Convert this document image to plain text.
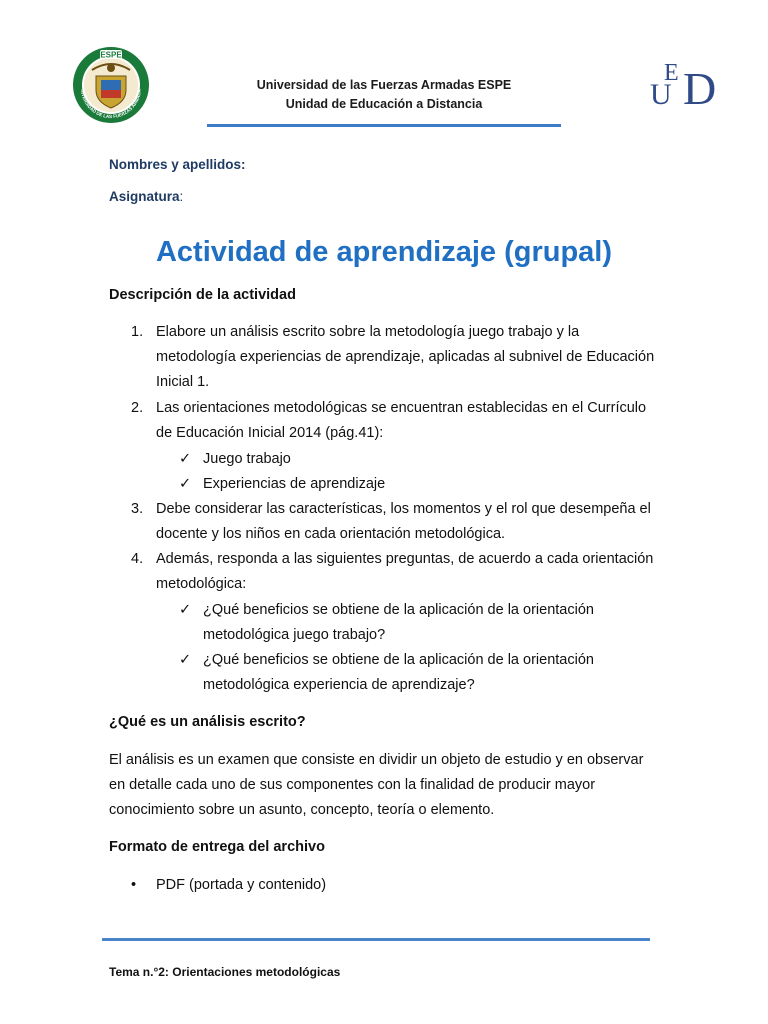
ESPE
NIVERSIDAD DE LAS FUERZAS ARMADA	Universidad de las Fuerzas Armadas ESPE
Unidad de Educación a Distancia
E
U D
Nombres y apellidos:
Asignatura:
Actividad de aprendizaje (grupal)
Descripción de la actividad
1. Elabore un análisis escrito sobre la metodología juego trabajo y la metodología experiencias de aprendizaje, aplicadas al subnivel de Educación Inicial 1.
2. Las orientaciones metodológicas se encuentran establecidas en el Currículo de Educación Inicial 2014 (pág.41):
✓ Juego trabajo
✓ Experiencias de aprendizaje
3. Debe considerar las características, los momentos y el rol que desempeña el docente y los niños en cada orientación metodológica.
4. Además, responda a las siguientes preguntas, de acuerdo a cada orientación metodológica:
✓ ¿Qué beneficios se obtiene de la aplicación de la orientación metodológica juego trabajo?
✓ ¿Qué beneficios se obtiene de la aplicación de la orientación metodológica experiencia de aprendizaje?
¿Qué es un análisis escrito?
El análisis es un examen que consiste en dividir un objeto de estudio y en observar en detalle cada uno de sus componentes con la finalidad de producir mayor conocimiento sobre un asunto, concepto, teoría o elemento.
Formato de entrega del archivo
• PDF (portada y contenido)
Tema n.°2: Orientaciones metodológicas
